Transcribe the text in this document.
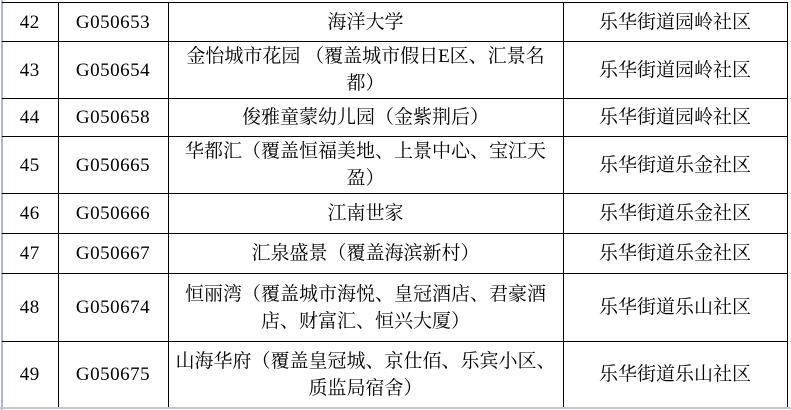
42	G050653	海洋大学	乐华街道园岭社区
43	G050654	金怡城市花园 （覆盖城市假日E区、汇景名都）	乐华街道园岭社区
44	G050658	俊雅童蒙幼儿园（金紫荆后）	乐华街道园岭社区
45	G050665	华都汇（覆盖恒福美地、上景中心、宝江天盈）	乐华街道乐金社区
46	G050666	江南世家	乐华街道乐金社区
47	G050667	汇泉盛景（覆盖海滨新村）	乐华街道乐金社区
48	G050674	恒丽湾（覆盖城市海悦、皇冠酒店、君豪酒店、财富汇、恒兴大厦）	乐华街道乐山社区
49	G050675	山海华府（覆盖皇冠城、京仕佰、乐宾小区、质监局宿舍）	乐华街道乐山社区
